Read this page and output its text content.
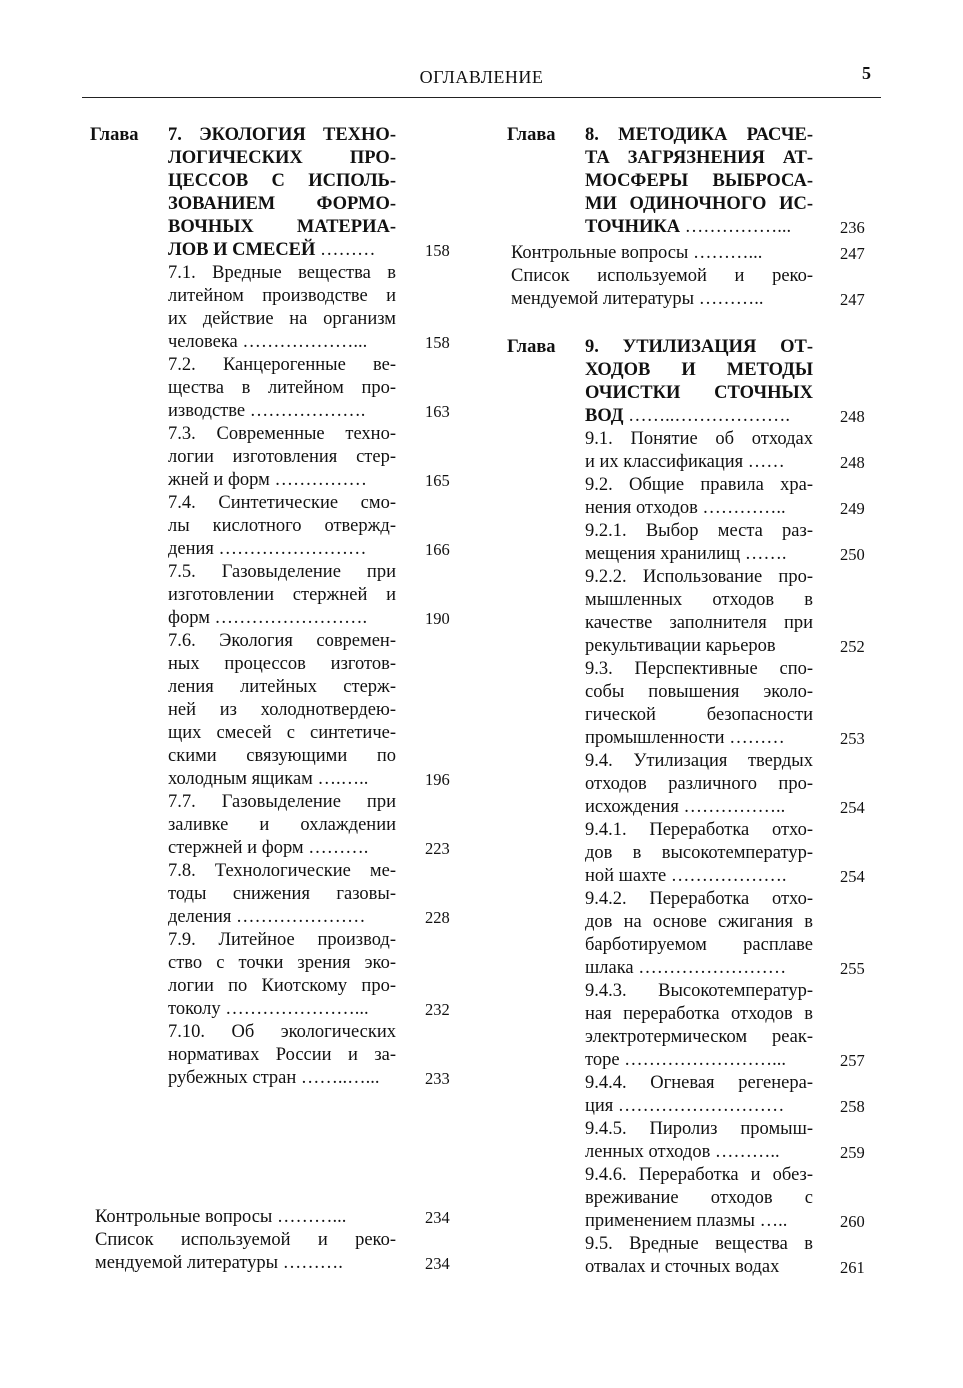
ОГЛАВЛЕНИЕ	5
Глава 7. ЭКОЛОГИЯ ТЕХНО-
ЛОГИЧЕСКИХ ПРО-
ЦЕССОВ С ИСПОЛЬ-
ЗОВАНИЕМ ФОРМО-
ВОЧНЫХ МАТЕРИА-
ЛОВ И СМЕСЕЙ ………	158
7.1. Вредные вещества в
литейном производстве и
их действие на организм
человека ………………...	158
7.2. Канцерогенные ве-
щества в литейном про-
изводстве ……………….	163
7.3. Современные техно-
логии изготовления стер-
жней и форм ……………	165
7.4. Синтетические смо-
лы кислотного отвержд-
дения ……………………	166
7.5. Газовыделение при
изготовлении стержней и
форм …………………….	190
7.6. Экология современ-
ных процессов изготов-
ления литейных стерж-
ней из холоднотвердею-
щих смесей с синтетиче-
скими связующими по
холодным ящикам ….…..	196
7.7. Газовыделение при
заливке и охлаждении
стержней и форм ……….	223
7.8. Технологические ме-
тоды снижения газовы-
деления …………………	228
7.9. Литейное производ-
ство с точки зрения эко-
логии по Киотскому про-
токолу …………………...	232
7.10. Об экологических
нормативах России и за-
рубежных стран ……..…...	233
Контрольные вопросы ………...	234
Список используемой и реко-
мендуемой литературы ……….	234
Глава 8. МЕТОДИКА РАСЧЕ-
ТА ЗАГРЯЗНЕНИЯ АТ-
МОСФЕРЫ ВЫБРОСА-
МИ ОДИНОЧНОГО ИС-
ТОЧНИКА ……………...	236
Контрольные вопросы ………...	247
Список используемой и реко-
мендуемой литературы ………..	247
Глава 9. УТИЛИЗАЦИЯ ОТ-
ХОДОВ И МЕТОДЫ
ОЧИСТКИ СТОЧНЫХ
ВОД ……..……………….	248
9.1. Понятие об отходах
и их классификация ……	248
9.2. Общие правила хра-
нения отходов …………..	249
9.2.1. Выбор места раз-
мещения хранилищ …….	250
9.2.2. Использование про-
мышленных отходов в
качестве заполнителя при
рекультивации карьеров	252
9.3. Перспективные спо-
собы повышения эколо-
гической безопасности
промышленности ………	253
9.4. Утилизация твердых
отходов различного про-
исхождения ……………..	254
9.4.1. Переработка отхо-
дов в высокотемператур-
ной шахте ……………….	254
9.4.2. Переработка отхо-
дов на основе сжигания в
барботируемом расплаве
шлака ……………………	255
9.4.3. Высокотемператур-
ная переработка отходов в
электротермическом реак-
торе ……………………...	257
9.4.4. Огневая регенера-
ция ………………………	258
9.4.5. Пиролиз промыш-
ленных отходов ………..	259
9.4.6. Переработка и обез-
вреживание отходов с
применением плазмы …..	260
9.5. Вредные вещества в
отвалах и сточных водах	261
